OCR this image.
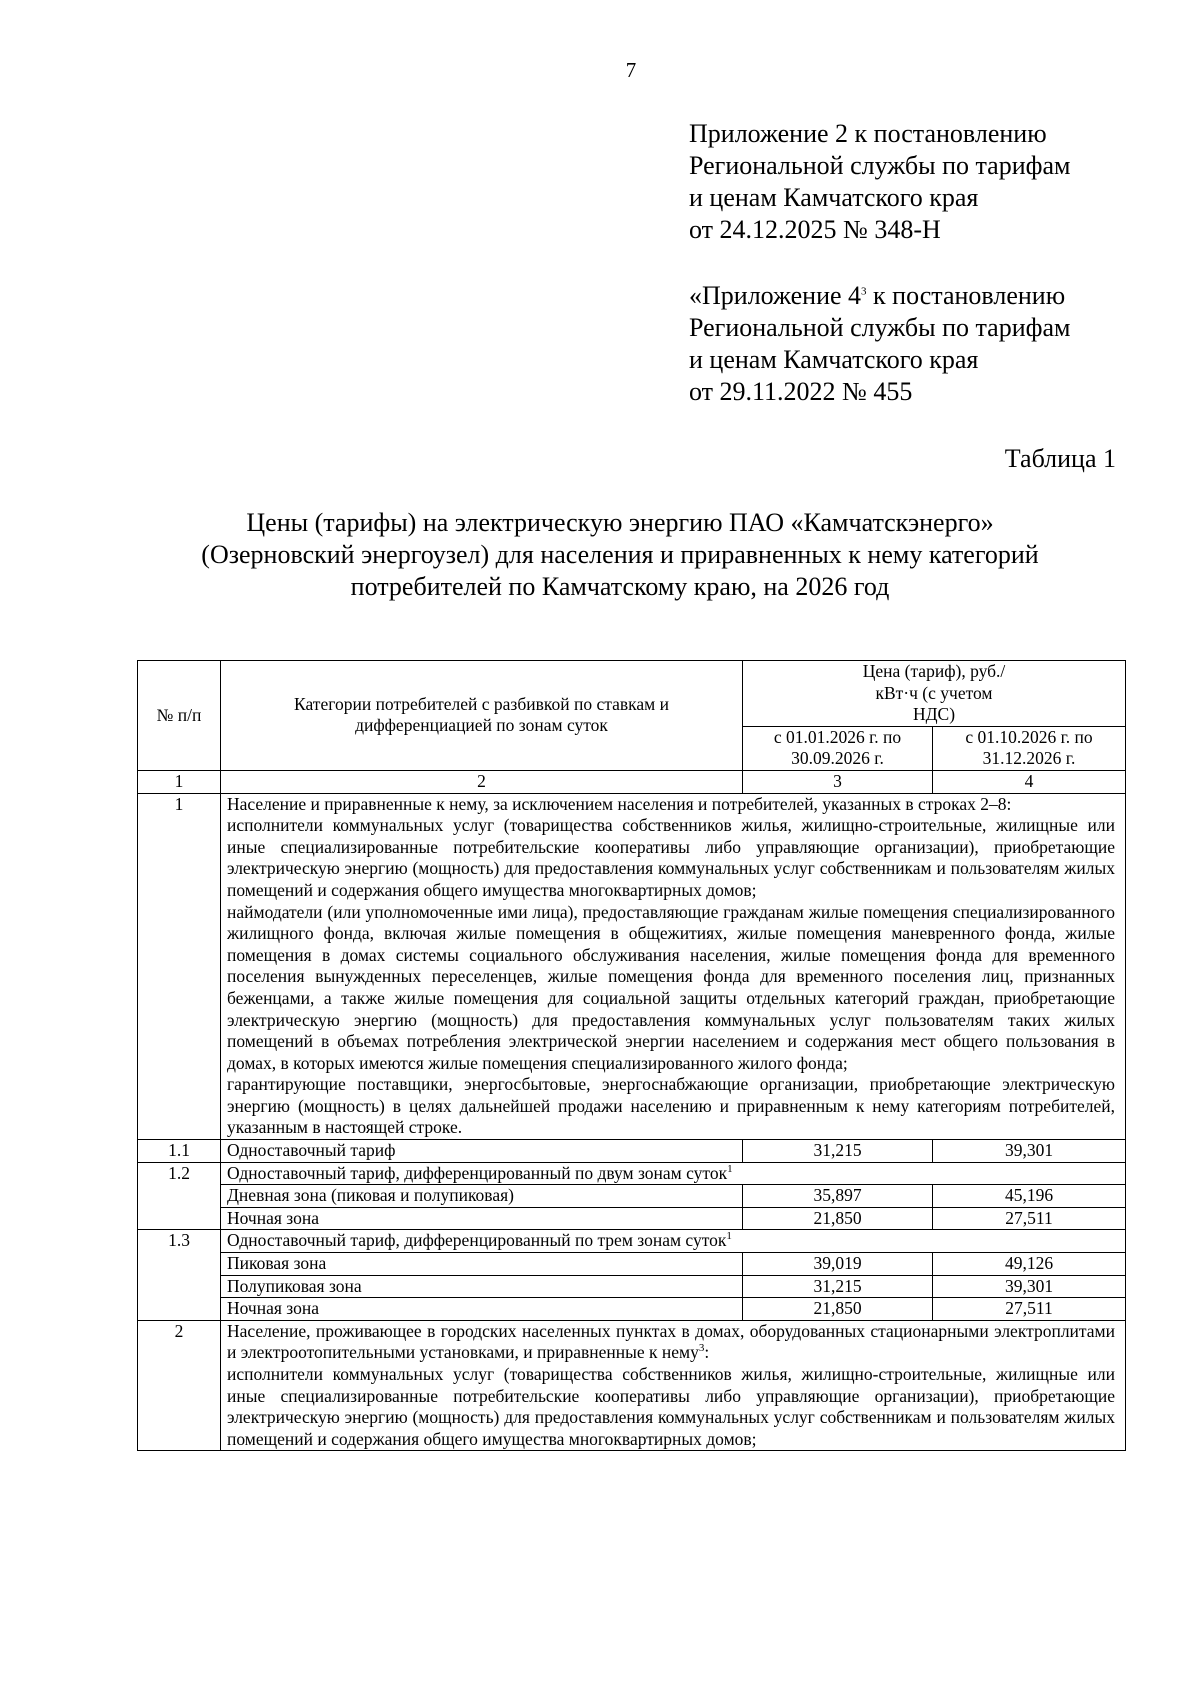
7
Приложение 2 к постановлению
Региональной службы по тарифам
и ценам Камчатского края
от 24.12.2025 № 348-Н
«Приложение $4^3$ к постановлению
Региональной службы по тарифам
и ценам Камчатского края
от 29.11.2022 № 455
Таблица 1
Цены (тарифы) на электрическую энергию ПАО «Камчатскэнерго»
(Озерновский энергоузел) для населения и приравненных к нему категорий
потребителей по Камчатскому краю, на 2026 год
№ п/п	Категории потребителей с разбивкой по ставкам и дифференциацией по зонам суток	Цена (тариф), руб./кВт·ч (с учетом НДС)	
		с 01.01.2026 г. по 30.09.2026 г.	с 01.10.2026 г. по 31.12.2026 г.
1	2	3	4
1	Население и приравненные к нему, за исключением населения и потребителей, указанных в строках 2–8:

исполнители коммунальных услуг (товарищества собственников жилья, жилищно-строительные, жилищные или иные специализированные потребительские кооперативы либо управляющие организации), приобретающие электрическую энергию (мощность) для предоставления коммунальных услуг собственникам и пользователям жилых помещений и содержания общего имущества многоквартирных домов;

наймодатели (или уполномоченные ими лица), предоставляющие гражданам жилые помещения специализированного жилищного фонда, включая жилые помещения в общежитиях, жилые помещения маневренного фонда, жилые помещения в домах системы социального обслуживания населения, жилые помещения фонда для временного поселения вынужденных переселенцев, жилые помещения фонда для временного поселения лиц, признанных беженцами, а также жилые помещения для социальной защиты отдельных категорий граждан, приобретающие электрическую энергию (мощность) для предоставления коммунальных услуг пользователям таких жилых помещений в объемах потребления электрической энергии населением и содержания мест общего пользования в домах, в которых имеются жилые помещения специализированного жилого фонда;

гарантирующие поставщики, энергосбытовые, энергоснабжающие организации, приобретающие электрическую энергию (мощность) в целях дальнейшей продажи населению и приравненным к нему категориям потребителей, указанным в настоящей строке.		

1.1	Одноставочный тариф	31,215	39,301
1.2	Одноставочный тариф, дифференцированный по двум зонам суток$^1$
	Дневная зона (пиковая и полупиковая)	35,897	45,196
	Ночная зона	21,850	27,511
1.3	Одноставочный тариф, дифференцированный по трем зонам суток$^1$
	Пиковая зона	39,019	49,126
	Полупиковая зона	31,215	39,301
	Ночная зона	21,850	27,511
2	Население, проживающее в городских населенных пунктах в домах, оборудованных стационарными электроплитами и электроотопительными установками, и приравненные к нему$^3$:

исполнители коммунальных услуг (товарищества собственников жилья, жилищно-строительные, жилищные или иные специализированные потребительские кооперативы либо управляющие организации), приобретающие электрическую энергию (мощность) для предоставления коммунальных услуг собственникам и пользователям жилых помещений и содержания общего имущества многоквартирных домов;		
